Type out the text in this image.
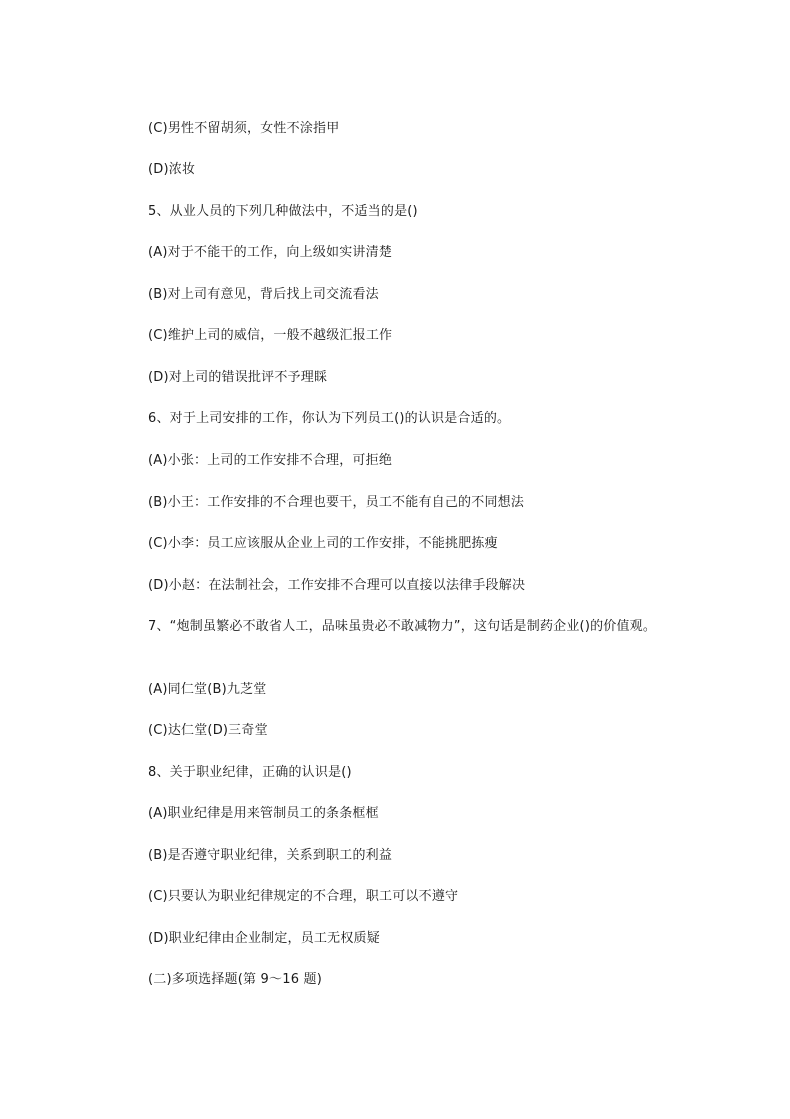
(C)男性不留胡须，女性不涂指甲
(D)浓妆
5、从业人员的下列几种做法中，不适当的是()
(A)对于不能干的工作，向上级如实讲清楚
(B)对上司有意见，背后找上司交流看法
(C)维护上司的威信，一般不越级汇报工作
(D)对上司的错误批评不予理睬
6、对于上司安排的工作，你认为下列员工()的认识是合适的。
(A)小张：上司的工作安排不合理，可拒绝
(B)小王：工作安排的不合理也要干，员工不能有自己的不同想法
(C)小李：员工应该服从企业上司的工作安排，不能挑肥拣瘦
(D)小赵：在法制社会，工作安排不合理可以直接以法律手段解决
7、“炮制虽繁必不敢省人工，品味虽贵必不敢减物力”，这句话是制药企业()的价值观。
(A)同仁堂(B)九芝堂
(C)达仁堂(D)三奇堂
8、关于职业纪律，正确的认识是()
(A)职业纪律是用来管制员工的条条框框
(B)是否遵守职业纪律，关系到职工的利益
(C)只要认为职业纪律规定的不合理，职工可以不遵守
(D)职业纪律由企业制定，员工无权质疑
(二)多项选择题(第 9～16 题)
